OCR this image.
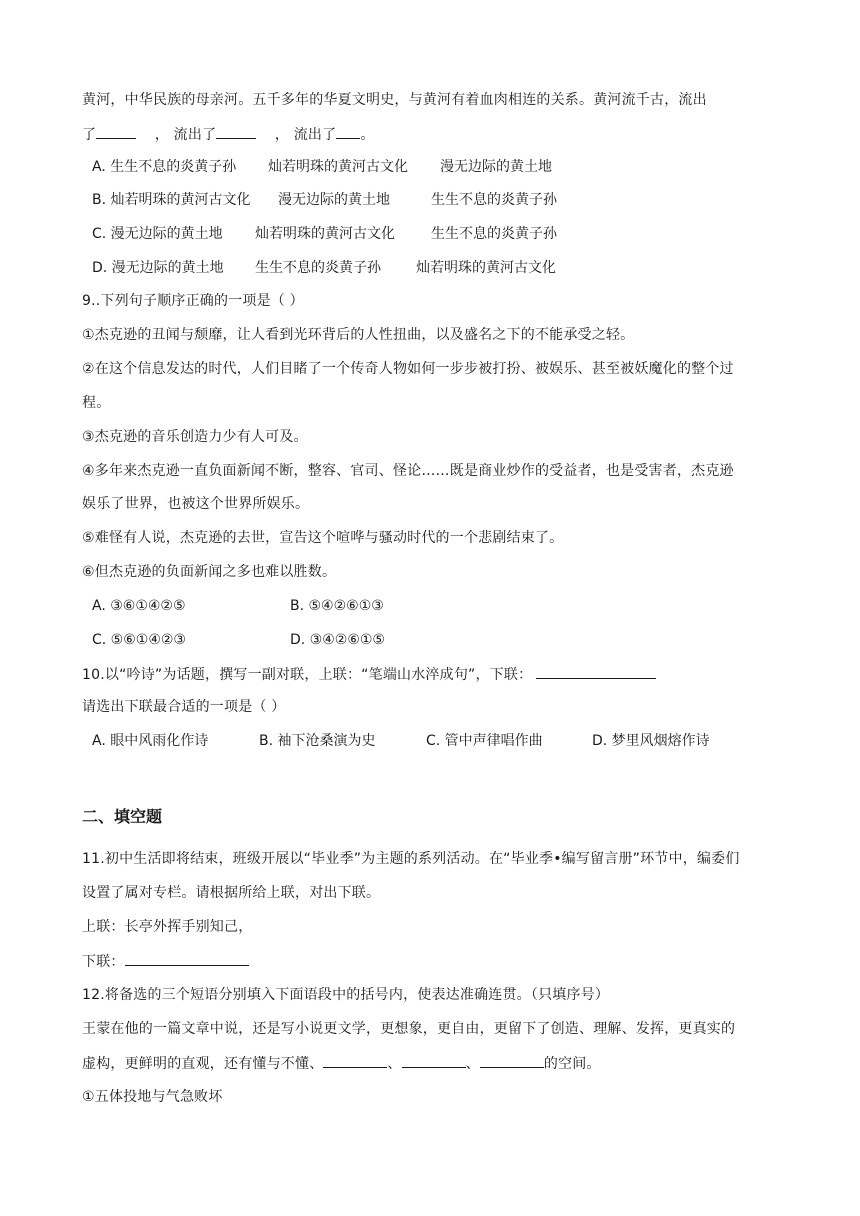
黄河，中华民族的母亲河。五千多年的华夏文明史，与黄河有着血肉相连的关系。黄河流千古，流出
了	， 流出了	， 流出了 。
A. 生生不息的炎黄子孙 灿若明珠的黄河古文化 漫无边际的黄土地
B. 灿若明珠的黄河古文化 漫无边际的黄土地	生生不息的炎黄子孙
C. 漫无边际的黄土地 灿若明珠的黄河古文化	生生不息的炎黄子孙
D. 漫无边际的黄土地 生生不息的炎黄子孙	灿若明珠的黄河古文化
9..下列句子顺序正确的一项是（ ）
①杰克逊的丑闻与颓靡，让人看到光环背后的人性扭曲，以及盛名之下的不能承受之轻。
②在这个信息发达的时代，人们目睹了一个传奇人物如何一步步被打扮、被娱乐、甚至被妖魔化的整个过
程。
③杰克逊的音乐创造力少有人可及。
④多年来杰克逊一直负面新闻不断，整容、官司、怪论……既是商业炒作的受益者，也是受害者，杰克逊
娱乐了世界，也被这个世界所娱乐。
⑤难怪有人说，杰克逊的去世，宣告这个喧哗与骚动时代的一个悲剧结束了。
⑥但杰克逊的负面新闻之多也难以胜数。
A. ③⑥①④②⑤	B. ⑤④②⑥①③
C. ⑤⑥①④②③	D. ③④②⑥①⑤
10.以“吟诗”为话题，撰写一副对联，上联：“笔端山水淬成句”，下联：
请选出下联最合适的一项是（ ）
A. 眼中风雨化作诗	B. 袖下沧桑演为史	C. 管中声律唱作曲	D. 梦里风烟熔作诗
二、填空题
11.初中生活即将结束，班级开展以“毕业季”为主题的系列活动。在“毕业季•编写留言册”环节中，编委们
设置了属对专栏。请根据所给上联，对出下联。
上联：长亭外挥手别知己，
下联：
12.将备选的三个短语分别填入下面语段中的括号内，使表达准确连贯。（只填序号）
王蒙在他的一篇文章中说，还是写小说更文学，更想象，更自由，更留下了创造、理解、发挥，更真实的
虚构，更鲜明的直观，还有懂与不懂、	、	、	的空间。
①五体投地与气急败坏
